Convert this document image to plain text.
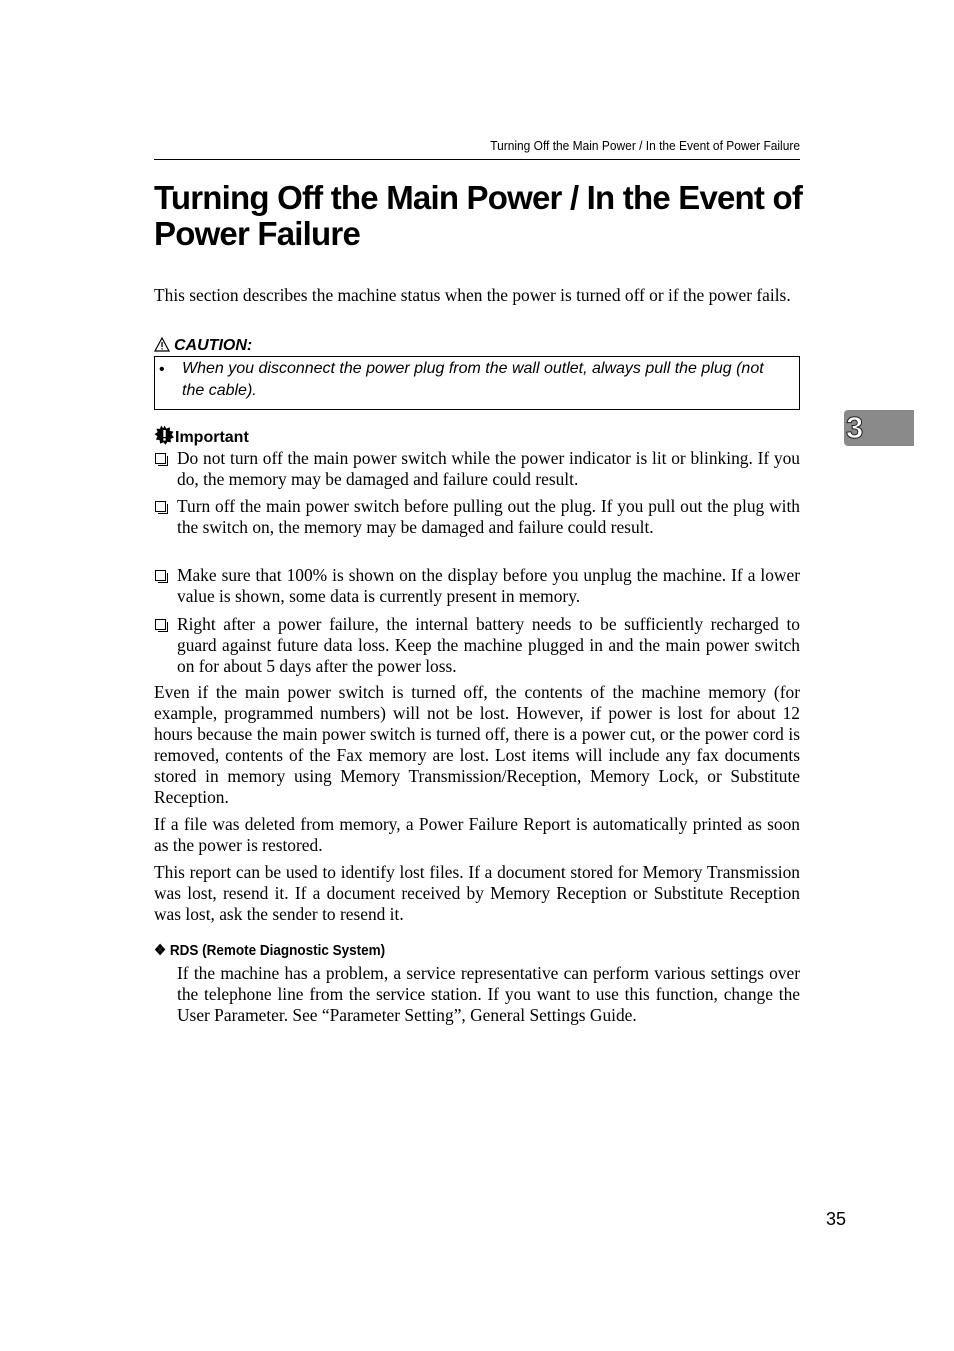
Turning Off the Main Power / In the Event of Power Failure
Turning Off the Main Power / In the Event of Power Failure

This section describes the machine status when the power is turned off or if the power fails.

CAUTION:
• When you disconnect the power plug from the wall outlet, always pull the plug (not the cable).
Important

Do not turn off the main power switch while the power indicator is lit or blinking. If you do, the memory may be damaged and failure could result.

Turn off the main power switch before pulling out the plug. If you pull out the plug with the switch on, the memory may be damaged and failure could result.

Make sure that 100% is shown on the display before you unplug the machine. If a lower value is shown, some data is currently present in memory.

Right after a power failure, the internal battery needs to be sufficiently recharged to guard against future data loss. Keep the machine plugged in and the main power switch on for about 5 days after the power loss.

Even if the main power switch is turned off, the contents of the machine memory (for example, programmed numbers) will not be lost. However, if power is lost for about 12 hours because the main power switch is turned off, there is a power cut, or the power cord is removed, contents of the Fax memory are lost. Lost items will include any fax documents stored in memory using Memory Transmission/Reception, Memory Lock, or Substitute Reception.

If a file was deleted from memory, a Power Failure Report is automatically printed as soon as the power is restored.

This report can be used to identify lost files. If a document stored for Memory Transmission was lost, resend it. If a document received by Memory Reception or Substitute Reception was lost, ask the sender to resend it.

❖ RDS (Remote Diagnostic System)

If the machine has a problem, a service representative can perform various settings over the telephone line from the service station. If you want to use this function, change the User Parameter. See “Parameter Setting”, General Settings Guide.

3
35
